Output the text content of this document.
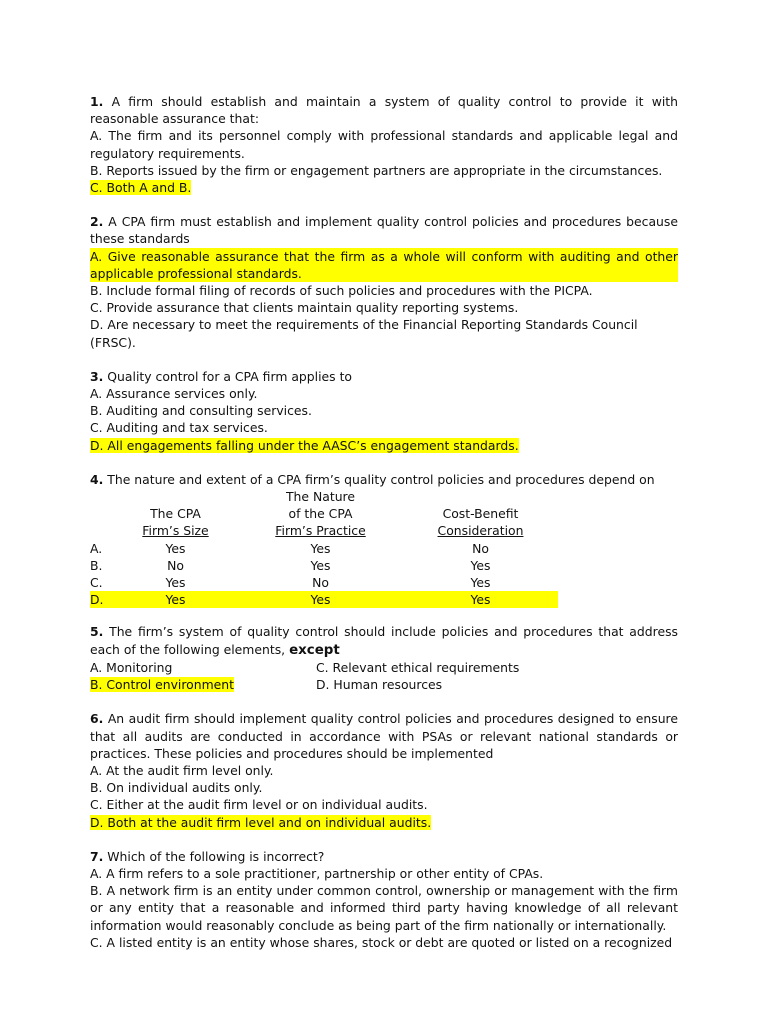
1. A firm should establish and maintain a system of quality control to provide it with reasonable assurance that:
A. The firm and its personnel comply with professional standards and applicable legal and regulatory requirements.
B. Reports issued by the firm or engagement partners are appropriate in the circumstances.
C. Both A and B.
2. A CPA firm must establish and implement quality control policies and procedures because these standards
A. Give reasonable assurance that the firm as a whole will conform with auditing and other applicable professional standards.
B. Include formal filing of records of such policies and procedures with the PICPA.
C. Provide assurance that clients maintain quality reporting systems.
D. Are necessary to meet the requirements of the Financial Reporting Standards Council (FRSC).
3. Quality control for a CPA firm applies to
A. Assurance services only.
B. Auditing and consulting services.
C. Auditing and tax services.
D. All engagements falling under the AASC’s engagement standards.
4. The nature and extent of a CPA firm’s quality control policies and procedures depend on
		The Nature	
	The CPA	of the CPA	Cost-Benefit
	Firm’s Size	Firm’s Practice	Consideration
A.	Yes	Yes	No
B.	No	Yes	Yes
C.	Yes	No	Yes
D.	Yes	Yes	Yes
5. The firm’s system of quality control should include policies and procedures that address each of the following elements, except
A. Monitoring	C. Relevant ethical requirements
B. Control environment	D. Human resources
6. An audit firm should implement quality control policies and procedures designed to ensure that all audits are conducted in accordance with PSAs or relevant national standards or practices. These policies and procedures should be implemented
A. At the audit firm level only.
B. On individual audits only.
C. Either at the audit firm level or on individual audits.
D. Both at the audit firm level and on individual audits.
7. Which of the following is incorrect?
A. A firm refers to a sole practitioner, partnership or other entity of CPAs.
B. A network firm is an entity under common control, ownership or management with the firm or any entity that a reasonable and informed third party having knowledge of all relevant information would reasonably conclude as being part of the firm nationally or internationally.
C. A listed entity is an entity whose shares, stock or debt are quoted or listed on a recognized
